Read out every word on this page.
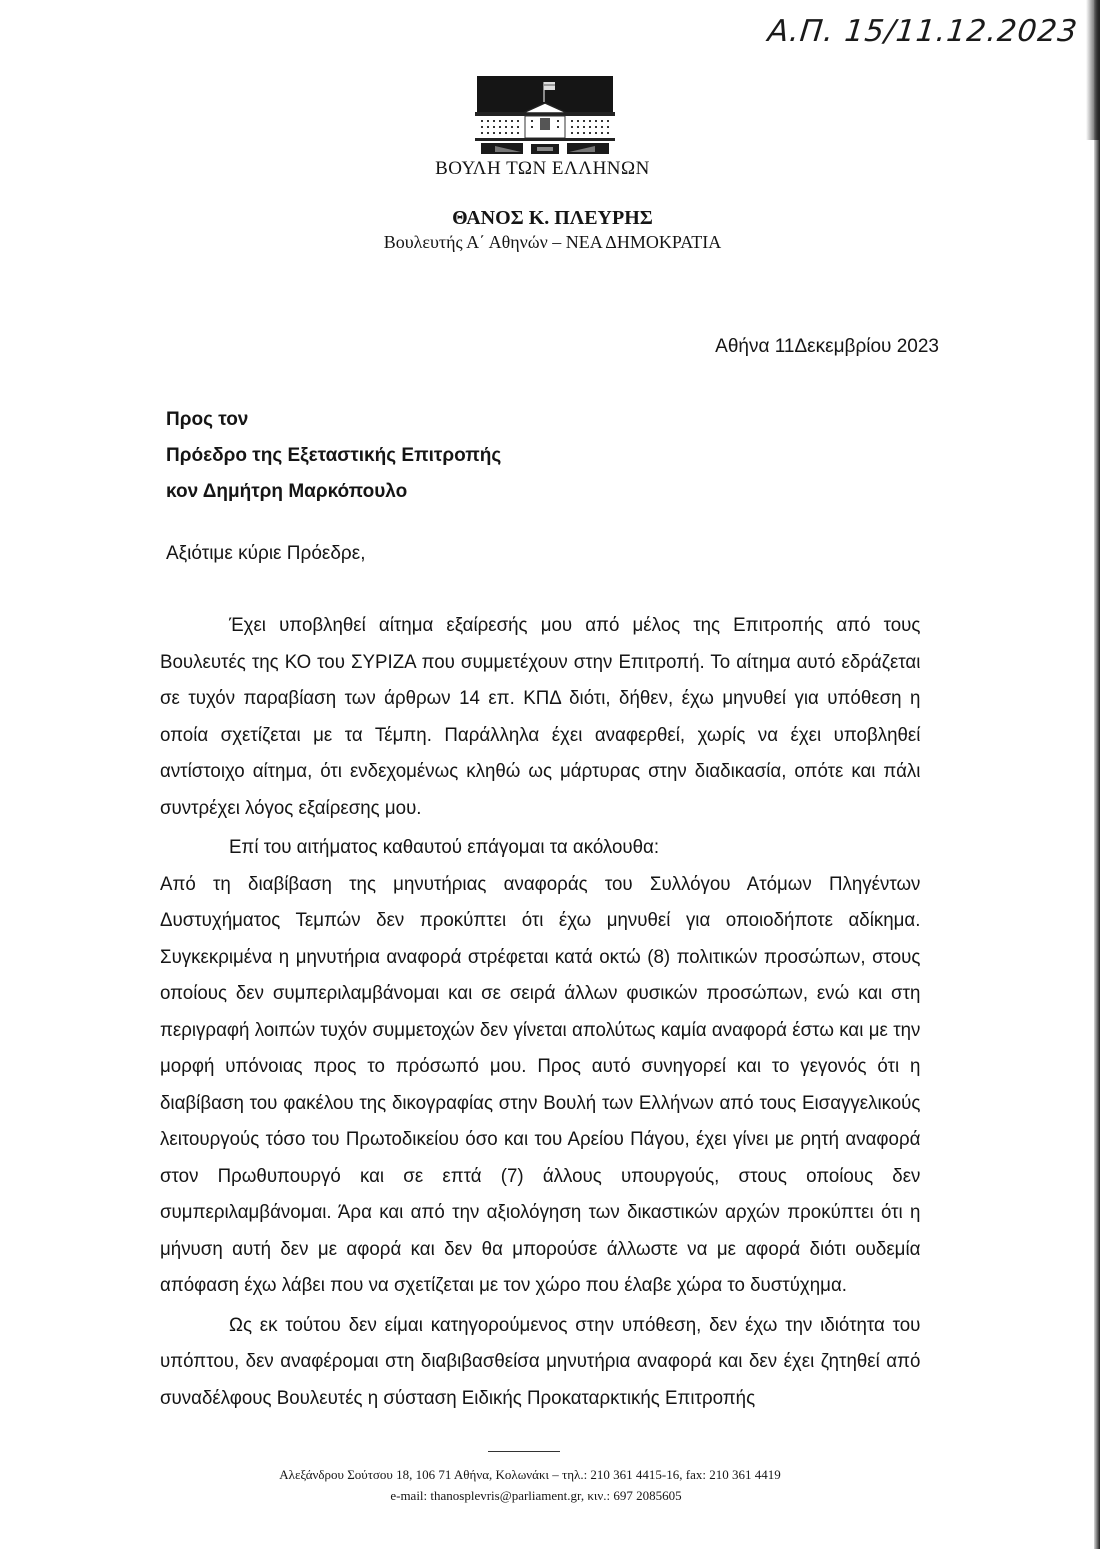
Α.Π. 15/11.12.2023
ΒΟΥΛΗ ΤΩΝ ΕΛΛΗΝΩΝ
ΘΑΝΟΣ Κ. ΠΛΕΥΡΗΣ
Βουλευτής Α΄ Αθηνών – ΝΕΑ ΔΗΜΟΚΡΑΤΙΑ
Αθήνα 11Δεκεμβρίου 2023
Προς τον
Πρόεδρο της Εξεταστικής Επιτροπής
κον Δημήτρη Μαρκόπουλο
Αξιότιμε κύριε Πρόεδρε,

Έχει υποβληθεί αίτημα εξαίρεσής μου από μέλος της Επιτροπής από τους Βουλευτές της ΚΟ του ΣΥΡΙΖΑ που συμμετέχουν στην Επιτροπή. Το αίτημα αυτό εδράζεται σε τυχόν παραβίαση των άρθρων 14 επ. ΚΠΔ διότι, δήθεν, έχω μηνυθεί για υπόθεση η οποία σχετίζεται με τα Τέμπη. Παράλληλα έχει αναφερθεί, χωρίς να έχει υποβληθεί αντίστοιχο αίτημα, ότι ενδεχομένως κληθώ ως μάρτυρας στην διαδικασία, οπότε και πάλι συντρέχει λόγος εξαίρεσης μου.

Επί του αιτήματος καθαυτού επάγομαι τα ακόλουθα:

Από τη διαβίβαση της μηνυτήριας αναφοράς του Συλλόγου Ατόμων Πληγέντων Δυστυχήματος Τεμπών δεν προκύπτει ότι έχω μηνυθεί για οποιοδήποτε αδίκημα. Συγκεκριμένα η μηνυτήρια αναφορά στρέφεται κατά οκτώ (8) πολιτικών προσώπων, στους οποίους δεν συμπεριλαμβάνομαι και σε σειρά άλλων φυσικών προσώπων, ενώ και στη περιγραφή λοιπών τυχόν συμμετοχών δεν γίνεται απολύτως καμία αναφορά έστω και με την μορφή υπόνοιας προς το πρόσωπό μου. Προς αυτό συνηγορεί και το γεγονός ότι η διαβίβαση του φακέλου της δικογραφίας στην Βουλή των Ελλήνων από τους Εισαγγελικούς λειτουργούς τόσο του Πρωτοδικείου όσο και του Αρείου Πάγου, έχει γίνει με ρητή αναφορά στον Πρωθυπουργό και σε επτά (7) άλλους υπουργούς, στους οποίους δεν συμπεριλαμβάνομαι. Άρα και από την αξιολόγηση των δικαστικών αρχών προκύπτει ότι η μήνυση αυτή δεν με αφορά και δεν θα μπορούσε άλλωστε να με αφορά διότι ουδεμία απόφαση έχω λάβει που να σχετίζεται με τον χώρο που έλαβε χώρα το δυστύχημα.

Ως εκ τούτου δεν είμαι κατηγορούμενος στην υπόθεση, δεν έχω την ιδιότητα του υπόπτου, δεν αναφέρομαι στη διαβιβασθείσα μηνυτήρια αναφορά και δεν έχει ζητηθεί από συναδέλφους Βουλευτές η σύσταση Ειδικής Προκαταρκτικής Επιτροπής

Αλεξάνδρου Σούτσου 18, 106 71 Αθήνα, Κολωνάκι – τηλ.: 210 361 4415-16, fax: 210 361 4419
e-mail: thanosplevris@parliament.gr, κιν.: 697 2085605
